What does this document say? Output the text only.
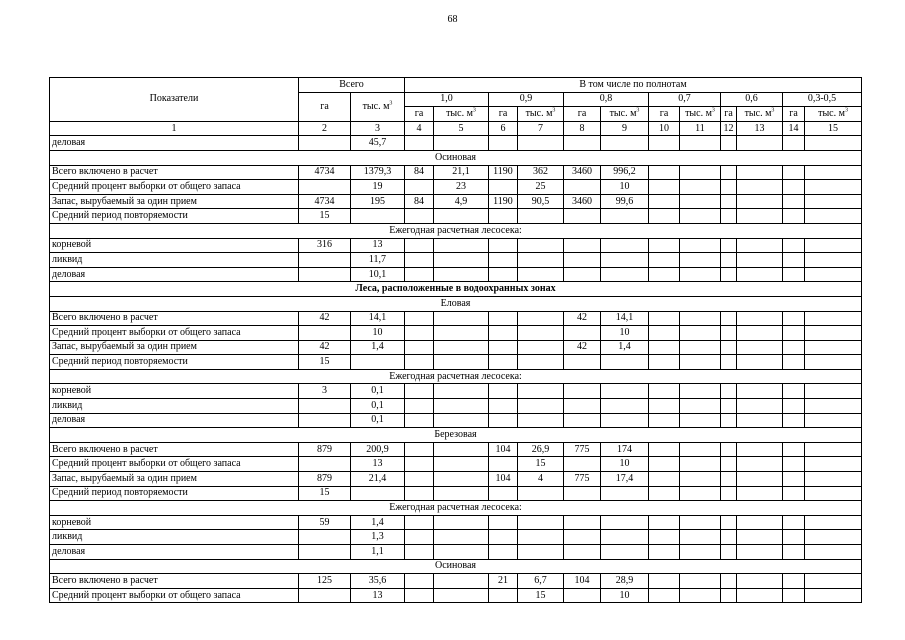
68
Показатели	Всего		В том числе по полнотам											
	га	тыс. $м^3$	1,0		0,9		0,8		0,7		0,6		0,3-0,5	
			га	тыс. $м^3$	га	тыс. $м^3$	га	тыс. $м^3$	га	тыс. $м^3$	га	тыс. $м^3$	га	тыс. $м^3$
1	2	3	4	5	6	7	8	9	10	11	12	13	14	15
деловая		45,7												
Осиновая														
Всего включено в расчет	4734	1379,3	84	21,1	1190	362	3460	996,2						
Средний процент выборки от общего запаса		19		23		25		10						
Запас, вырубаемый за один прием	4734	195	84	4,9	1190	90,5	3460	99,6						
Средний период повторяемости	15													
Ежегодная расчетная лесосека:														
корневой	316	13												
ликвид		11,7												
деловая		10,1												
Леса, расположенные в водоохранных зонах														
Еловая														
Всего включено в расчет	42	14,1					42	14,1						
Средний процент выборки от общего запаса		10						10						
Запас, вырубаемый за один прием	42	1,4					42	1,4						
Средний период повторяемости	15													
Ежегодная расчетная лесосека:														
корневой	3	0,1												
ликвид		0,1												
деловая		0,1												
Березовая														
Всего включено в расчет	879	200,9			104	26,9	775	174						
Средний процент выборки от общего запаса		13				15		10						
Запас, вырубаемый за один прием	879	21,4			104	4	775	17,4						
Средний период повторяемости	15													
Ежегодная расчетная лесосека:														
корневой	59	1,4												
ликвид		1,3												
деловая		1,1												
Осиновая														
Всего включено в расчет	125	35,6			21	6,7	104	28,9						
Средний процент выборки от общего запаса		13				15		10						
